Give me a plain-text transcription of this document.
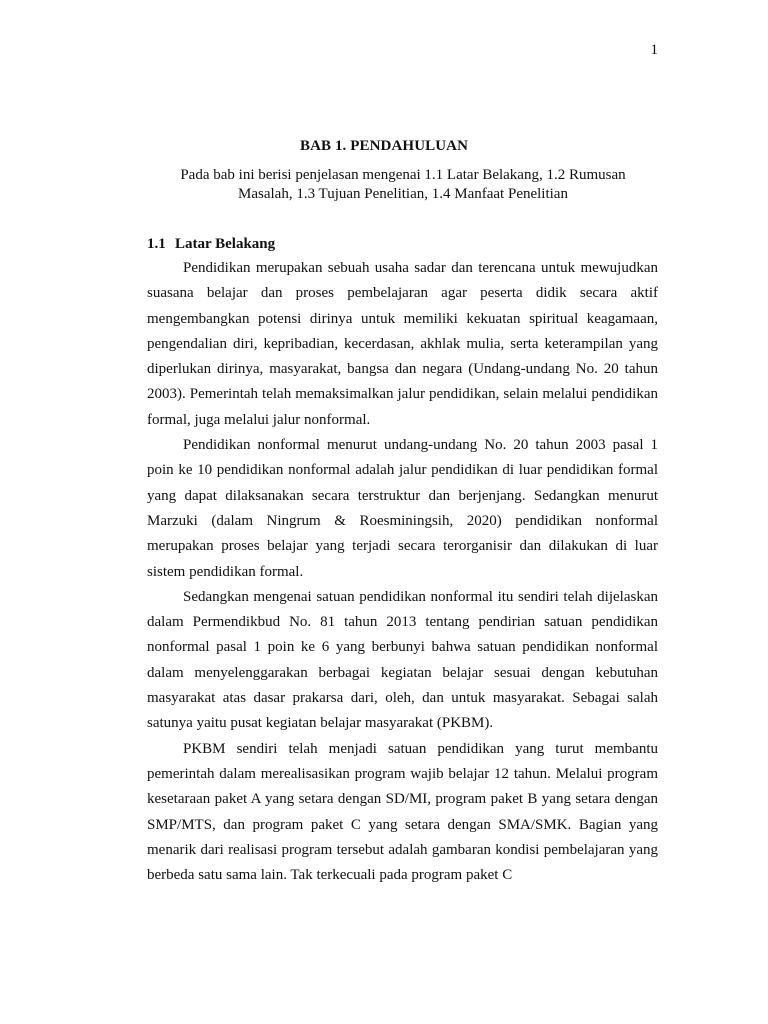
1
BAB 1. PENDAHULUAN
Pada bab ini berisi penjelasan mengenai 1.1 Latar Belakang, 1.2 Rumusan Masalah, 1.3 Tujuan Penelitian, 1.4 Manfaat Penelitian
1.1 Latar Belakang

Pendidikan merupakan sebuah usaha sadar dan terencana untuk mewujudkan suasana belajar dan proses pembelajaran agar peserta didik secara aktif mengembangkan potensi dirinya untuk memiliki kekuatan spiritual keagamaan, pengendalian diri, kepribadian, kecerdasan, akhlak mulia, serta keterampilan yang diperlukan dirinya, masyarakat, bangsa dan negara (Undang-undang No. 20 tahun 2003). Pemerintah telah memaksimalkan jalur pendidikan, selain melalui pendidikan formal, juga melalui jalur nonformal.

Pendidikan nonformal menurut undang-undang No. 20 tahun 2003 pasal 1 poin ke 10 pendidikan nonformal adalah jalur pendidikan di luar pendidikan formal yang dapat dilaksanakan secara terstruktur dan berjenjang. Sedangkan menurut Marzuki (dalam Ningrum & Roesminingsih, 2020) pendidikan nonformal merupakan proses belajar yang terjadi secara terorganisir dan dilakukan di luar sistem pendidikan formal.

Sedangkan mengenai satuan pendidikan nonformal itu sendiri telah dijelaskan dalam Permendikbud No. 81 tahun 2013 tentang pendirian satuan pendidikan nonformal pasal 1 poin ke 6 yang berbunyi bahwa satuan pendidikan nonformal dalam menyelenggarakan berbagai kegiatan belajar sesuai dengan kebutuhan masyarakat atas dasar prakarsa dari, oleh, dan untuk masyarakat. Sebagai salah satunya yaitu pusat kegiatan belajar masyarakat (PKBM).

PKBM sendiri telah menjadi satuan pendidikan yang turut membantu pemerintah dalam merealisasikan program wajib belajar 12 tahun. Melalui program kesetaraan paket A yang setara dengan SD/MI, program paket B yang setara dengan SMP/MTS, dan program paket C yang setara dengan SMA/SMK. Bagian yang menarik dari realisasi program tersebut adalah gambaran kondisi pembelajaran yang berbeda satu sama lain. Tak terkecuali pada program paket C
